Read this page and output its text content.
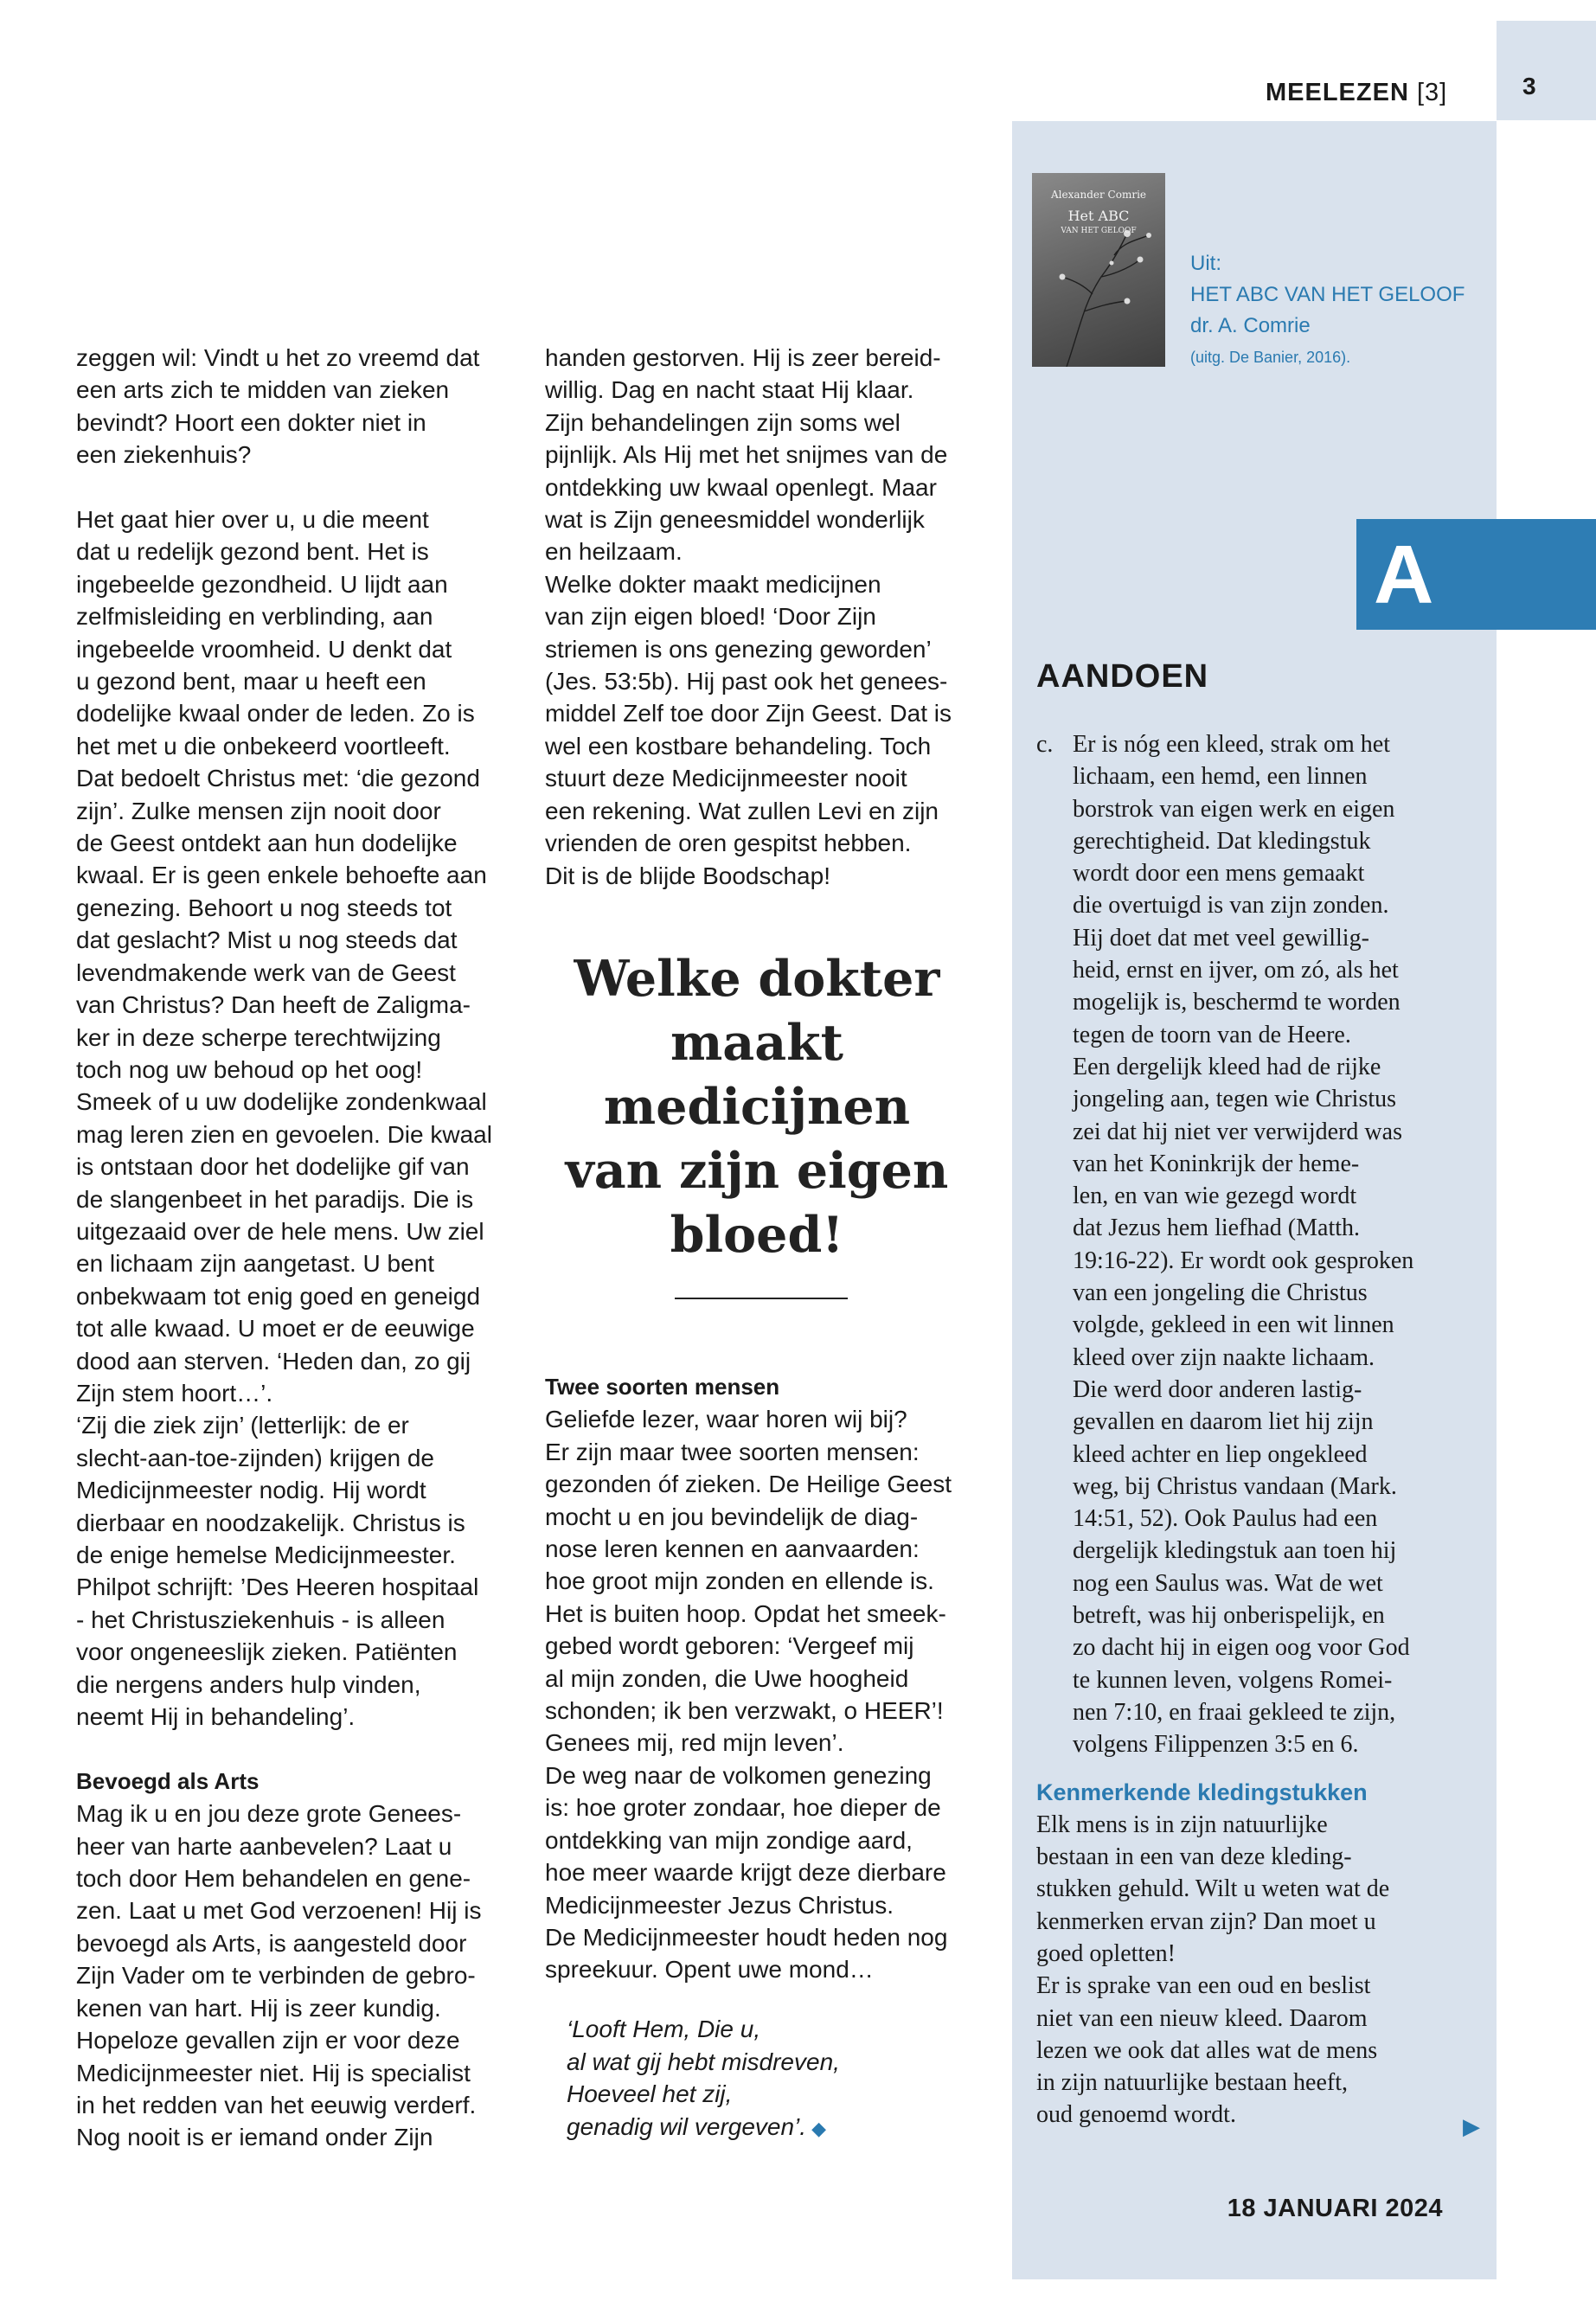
3
MEELEZEN [3]
zeggen wil: Vindt u het zo vreemd dat
een arts zich te midden van zieken
bevindt? Hoort een dokter niet in
een ziekenhuis?
Het gaat hier over u, u die meent
dat u redelijk gezond bent. Het is
ingebeelde gezondheid. U lijdt aan
zelfmisleiding en verblinding, aan
ingebeelde vroomheid. U denkt dat
u gezond bent, maar u heeft een
dodelijke kwaal onder de leden. Zo is
het met u die onbekeerd voortleeft.
Dat bedoelt Christus met: ‘die gezond
zijn’. Zulke mensen zijn nooit door
de Geest ontdekt aan hun dodelijke
kwaal. Er is geen enkele behoefte aan
genezing. Behoort u nog steeds tot
dat geslacht? Mist u nog steeds dat
levendmakende werk van de Geest
van Christus? Dan heeft de Zaligma-
ker in deze scherpe terechtwijzing
toch nog uw behoud op het oog!
Smeek of u uw dodelijke zondenkwaal
mag leren zien en gevoelen. Die kwaal
is ontstaan door het dodelijke gif van
de slangenbeet in het paradijs. Die is
uitgezaaid over de hele mens. Uw ziel
en lichaam zijn aangetast. U bent
onbekwaam tot enig goed en geneigd
tot alle kwaad. U moet er de eeuwige
dood aan sterven. ‘Heden dan, zo gij
Zijn stem hoort…’.
‘Zij die ziek zijn’ (letterlijk: de er
slecht-aan-toe-zijnden) krijgen de
Medicijnmeester nodig. Hij wordt
dierbaar en noodzakelijk. Christus is
de enige hemelse Medicijnmeester.
Philpot schrijft: ’Des Heeren hospitaal
- het Christusziekenhuis - is alleen
voor ongeneeslijk zieken. Patiënten
die nergens anders hulp vinden,
neemt Hij in behandeling’.
Bevoegd als Arts
Mag ik u en jou deze grote Genees-
heer van harte aanbevelen? Laat u
toch door Hem behandelen en gene-
zen. Laat u met God verzoenen! Hij is
bevoegd als Arts, is aangesteld door
Zijn Vader om te verbinden de gebro-
kenen van hart. Hij is zeer kundig.
Hopeloze gevallen zijn er voor deze
Medicijnmeester niet. Hij is specialist
in het redden van het eeuwig verderf.
Nog nooit is er iemand onder Zijn
handen gestorven. Hij is zeer bereid-
willig. Dag en nacht staat Hij klaar.
Zijn behandelingen zijn soms wel
pijnlijk. Als Hij met het snijmes van de
ontdekking uw kwaal openlegt. Maar
wat is Zijn geneesmiddel wonderlijk
en heilzaam.
Welke dokter maakt medicijnen
van zijn eigen bloed! ‘Door Zijn
striemen is ons genezing geworden’
(Jes. 53:5b). Hij past ook het genees-
middel Zelf toe door Zijn Geest. Dat is
wel een kostbare behandeling. Toch
stuurt deze Medicijnmeester nooit
een rekening. Wat zullen Levi en zijn
vrienden de oren gespitst hebben.
Dit is de blijde Boodschap!
Welke dokter
maakt
medicijnen
van zijn eigen
bloed!
Twee soorten mensen
Geliefde lezer, waar horen wij bij?
Er zijn maar twee soorten mensen:
gezonden óf zieken. De Heilige Geest
mocht u en jou bevindelijk de diag-
nose leren kennen en aanvaarden:
hoe groot mijn zonden en ellende is.
Het is buiten hoop. Opdat het smeek-
gebed wordt geboren: ‘Vergeef mij
al mijn zonden, die Uwe hoogheid
schonden; ik ben verzwakt, o HEER’!
Genees mij, red mijn leven’.
De weg naar de volkomen genezing
is: hoe groter zondaar, hoe dieper de
ontdekking van mijn zondige aard,
hoe meer waarde krijgt deze dierbare
Medicijnmeester Jezus Christus.
De Medicijnmeester houdt heden nog
spreekuur. Opent uwe mond…
‘Looft Hem, Die u,
al wat gij hebt misdreven,
Hoeveel het zij,
genadig wil vergeven’. ◆
Alexander Comrie
Het ABC
VAN HET GELOOF
Uit:
HET ABC VAN HET GELOOF
dr. A. Comrie
(uitg. De Banier, 2016).
A
AANDOEN
c. Er is nóg een kleed, strak om het
lichaam, een hemd, een linnen
borstrok van eigen werk en eigen
gerechtigheid. Dat kledingstuk
wordt door een mens gemaakt
die overtuigd is van zijn zonden.
Hij doet dat met veel gewillig-
heid, ernst en ijver, om zó, als het
mogelijk is, beschermd te worden
tegen de toorn van de Heere.
Een dergelijk kleed had de rijke
jongeling aan, tegen wie Christus
zei dat hij niet ver verwijderd was
van het Koninkrijk der heme-
len, en van wie gezegd wordt
dat Jezus hem liefhad (Matth.
19:16-22). Er wordt ook gesproken
van een jongeling die Christus
volgde, gekleed in een wit linnen
kleed over zijn naakte lichaam.
Die werd door anderen lastig-
gevallen en daarom liet hij zijn
kleed achter en liep ongekleed
weg, bij Christus vandaan (Mark.
14:51, 52). Ook Paulus had een
dergelijk kledingstuk aan toen hij
nog een Saulus was. Wat de wet
betreft, was hij onberispelijk, en
zo dacht hij in eigen oog voor God
te kunnen leven, volgens Romei-
nen 7:10, en fraai gekleed te zijn,
volgens Filippenzen 3:5 en 6.
Kenmerkende kledingstukken
Elk mens is in zijn natuurlijke
bestaan in een van deze kleding-
stukken gehuld. Wilt u weten wat de
kenmerken ervan zijn? Dan moet u
goed opletten!
Er is sprake van een oud en beslist
niet van een nieuw kleed. Daarom
lezen we ook dat alles wat de mens
in zijn natuurlijke bestaan heeft,
oud genoemd wordt.	▶
18 JANUARI 2024
